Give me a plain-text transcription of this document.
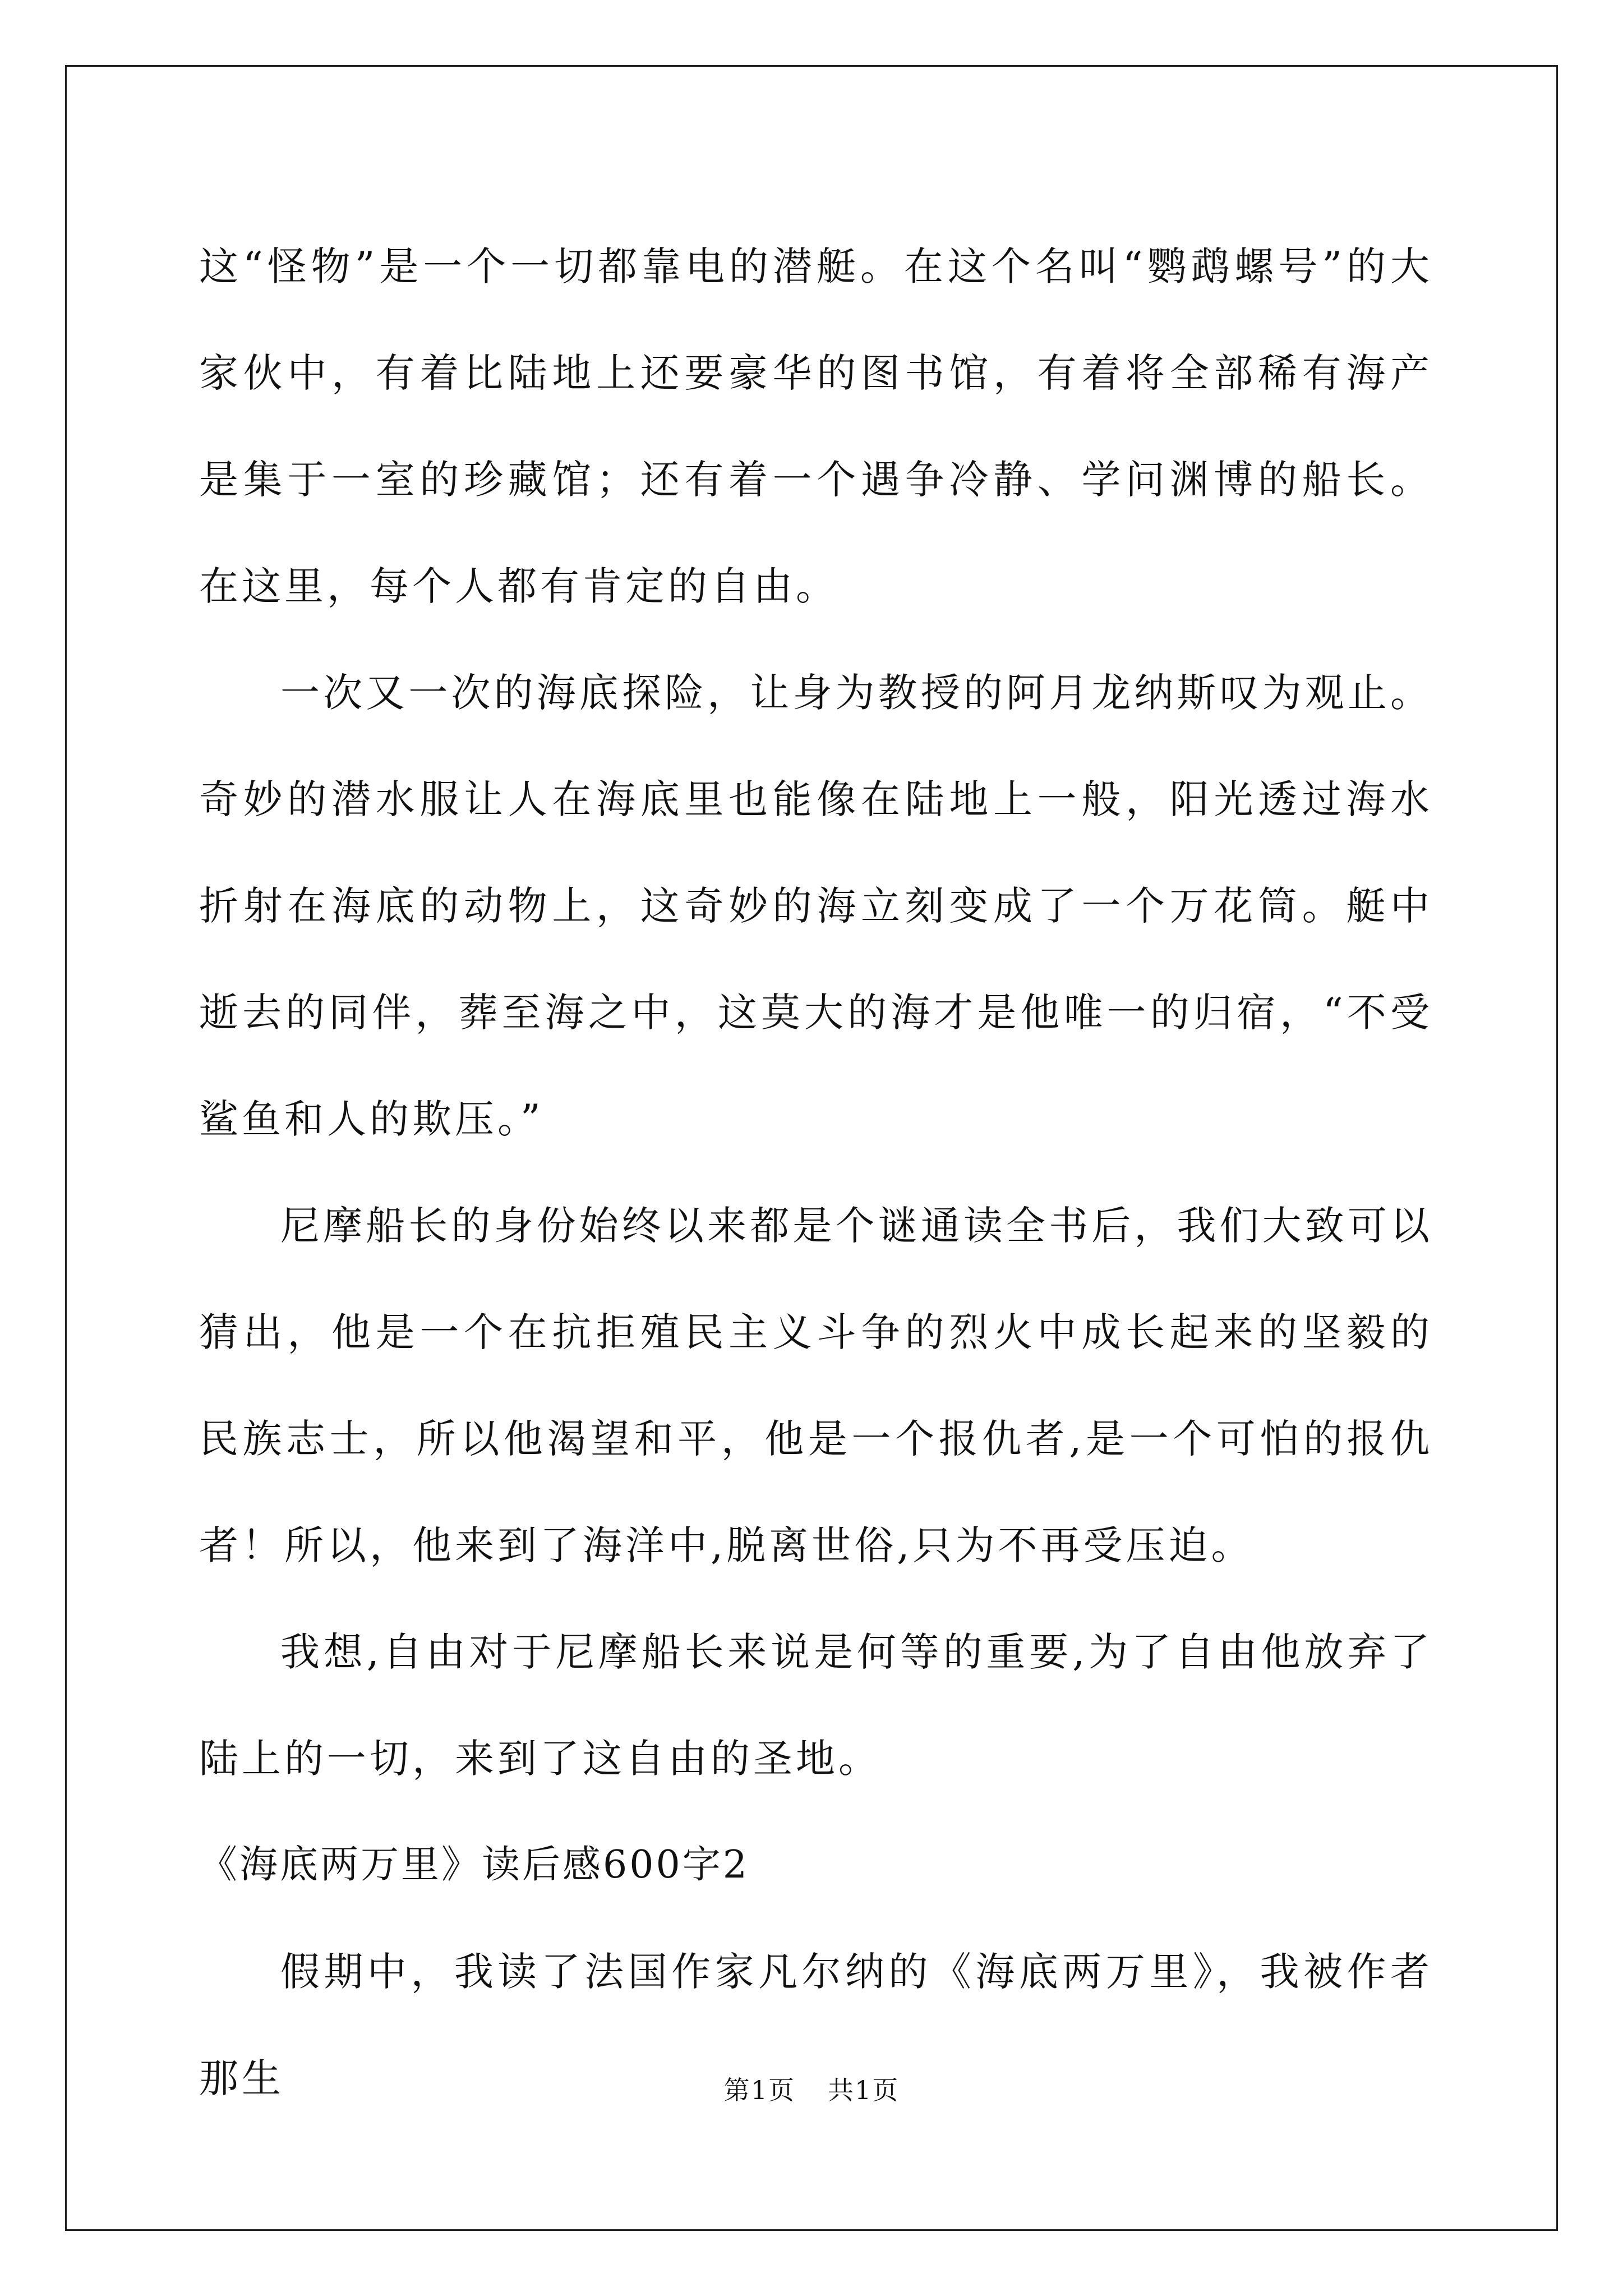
这“怪物”是一个一切都靠电的潜艇。在这个名叫“鹦鹉螺号”的大家伙中，有着比陆地上还要豪华的图书馆，有着将全部稀有海产是集于一室的珍藏馆；还有着一个遇争冷静、学问渊博的船长。在这里，每个人都有肯定的自由。

一次又一次的海底探险，让身为教授的阿月龙纳斯叹为观止。奇妙的潜水服让人在海底里也能像在陆地上一般，阳光透过海水折射在海底的动物上，这奇妙的海立刻变成了一个万花筒。艇中逝去的同伴，葬至海之中，这莫大的海才是他唯一的归宿，“不受鲨鱼和人的欺压。”

尼摩船长的身份始终以来都是个谜通读全书后，我们大致可以猜出，他是一个在抗拒殖民主义斗争的烈火中成长起来的坚毅的民族志士，所以他渴望和平，他是一个报仇者,是一个可怕的报仇者！所以，他来到了海洋中,脱离世俗,只为不再受压迫。

我想,自由对于尼摩船长来说是何等的重要,为了自由他放弃了陆上的一切，来到了这自由的圣地。

《海底两万里》读后感600字2

假期中，我读了法国作家凡尔纳的《海底两万里》，我被作者那生	第1页 共1页
